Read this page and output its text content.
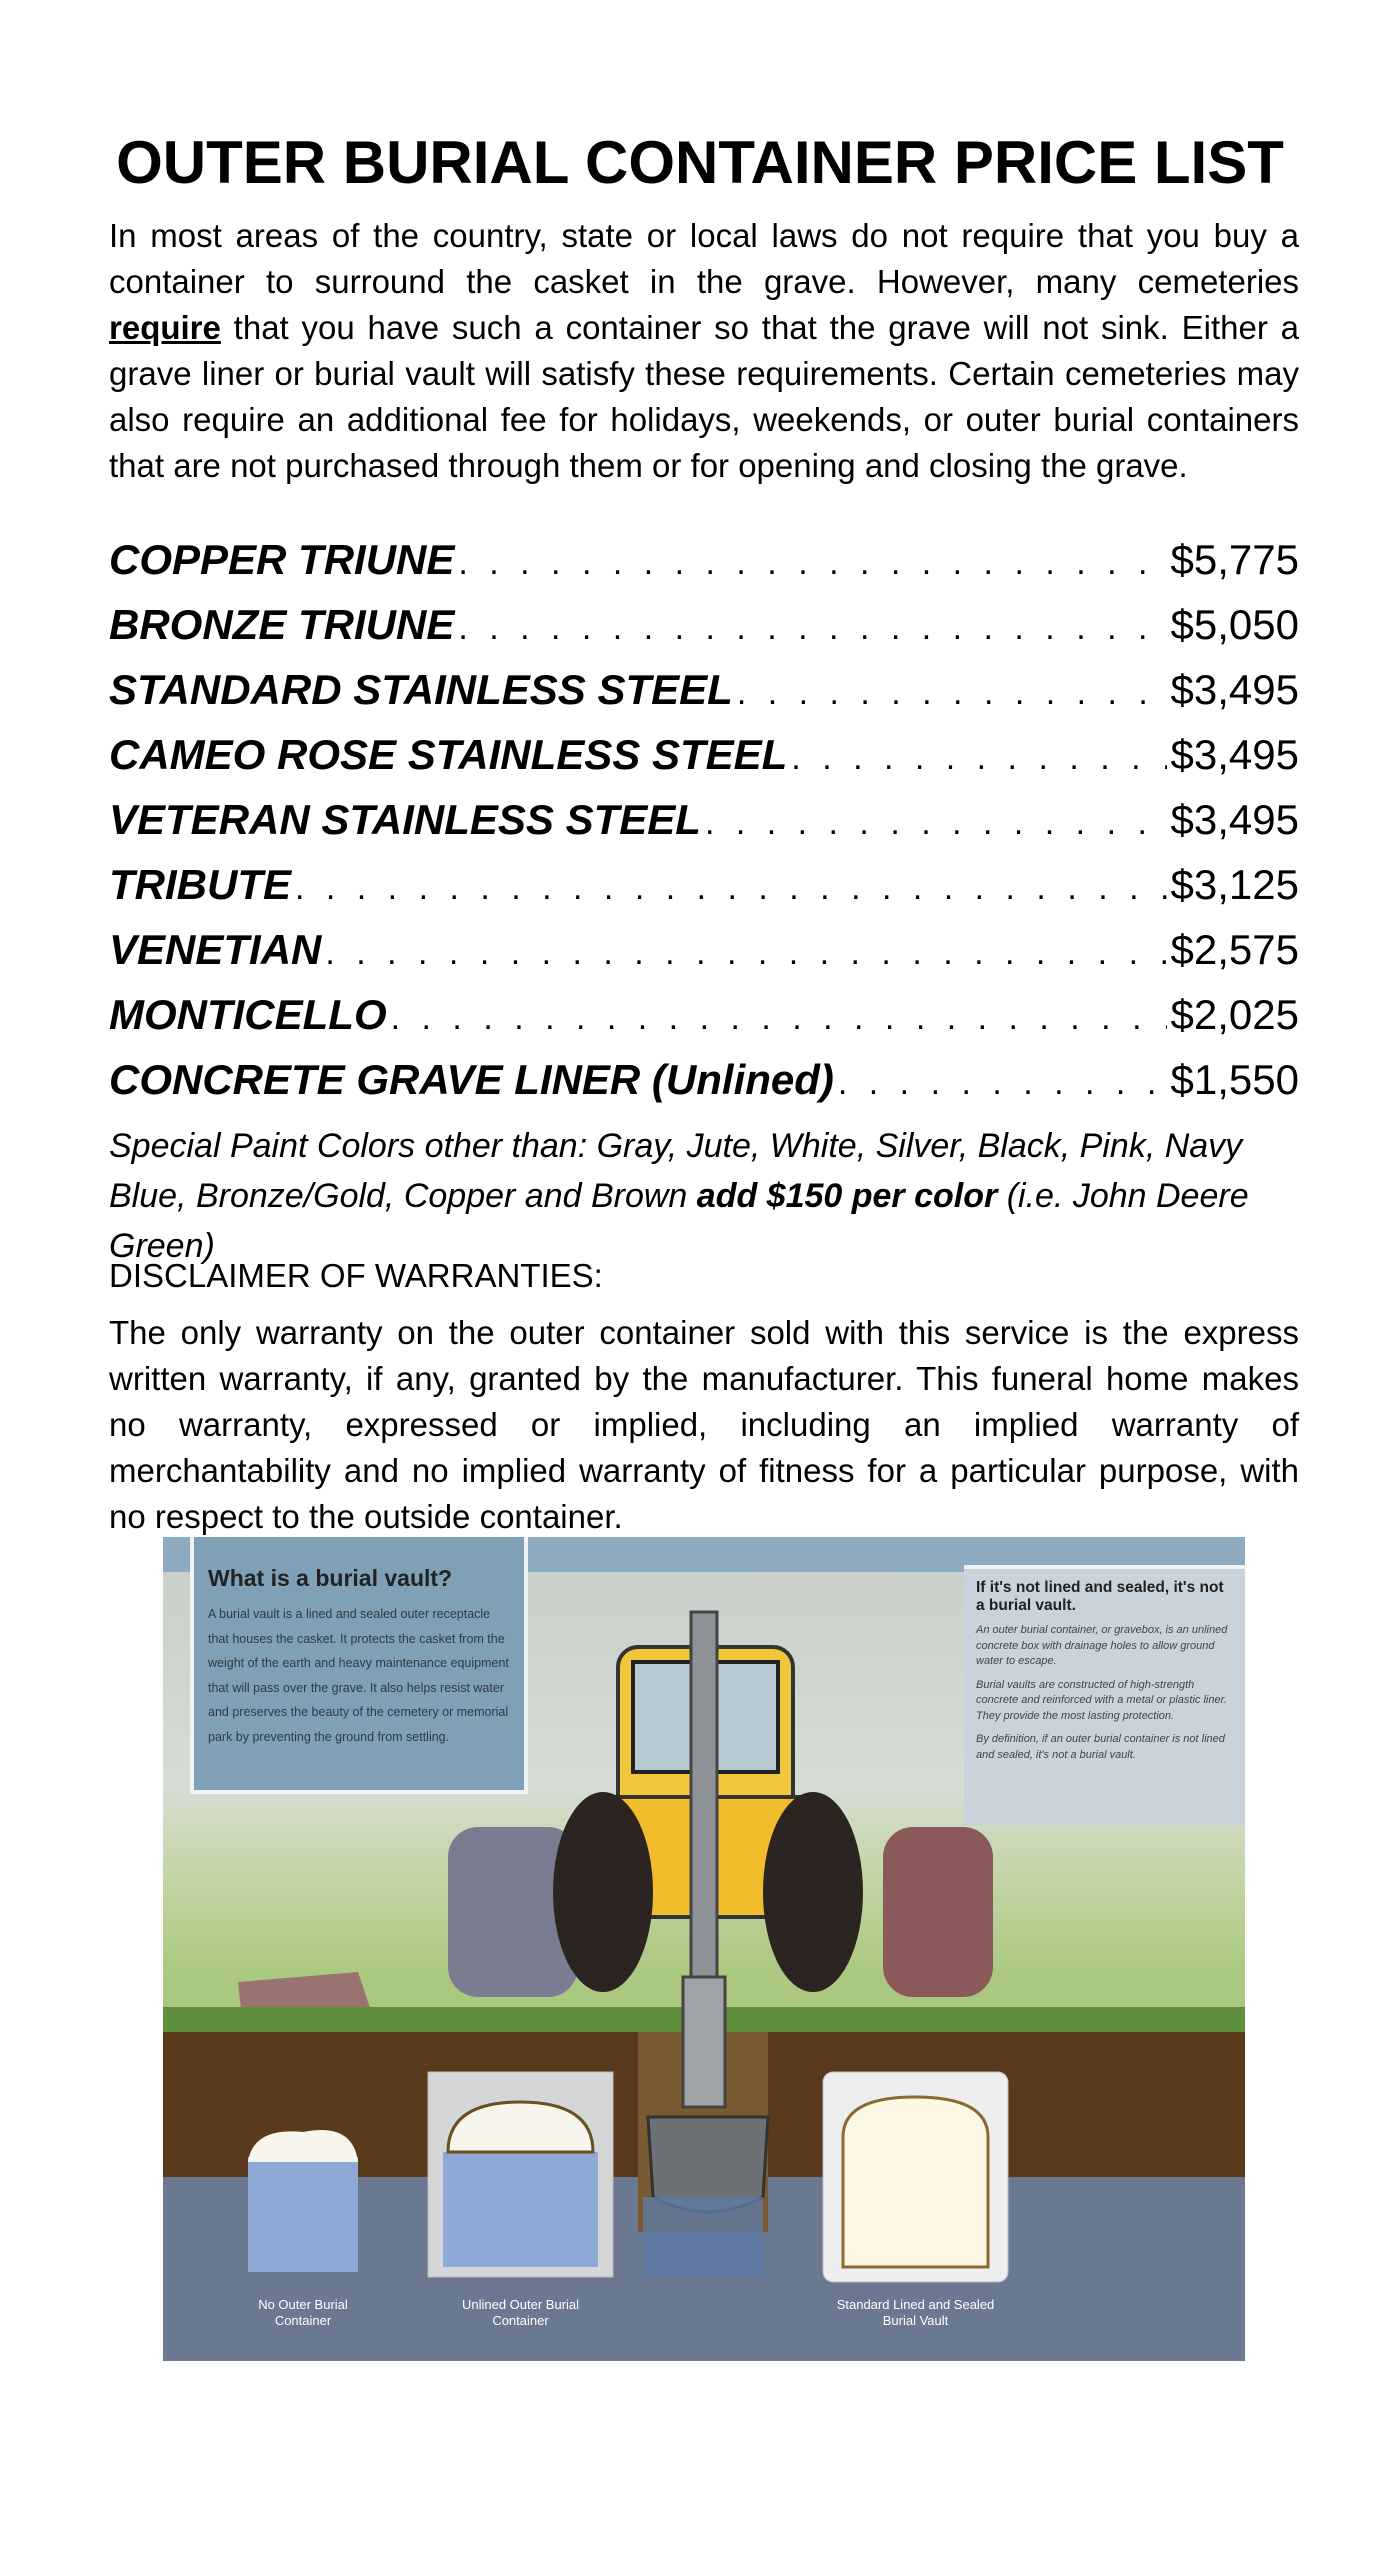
OUTER BURIAL CONTAINER PRICE LIST
In most areas of the country, state or local laws do not require that you buy a container to surround the casket in the grave. However, many cemeteries require that you have such a container so that the grave will not sink. Either a grave liner or burial vault will satisfy these requirements. Certain cemeteries may also require an additional fee for holidays, weekends, or outer burial containers that are not purchased through them or for opening and closing the grave.
COPPER TRIUNE . . .	$5,775
BRONZE TRIUNE . . .	$5,050
STANDARD STAINLESS STEEL . . .	$3,495
CAMEO ROSE STAINLESS STEEL . . .	$3,495
VETERAN STAINLESS STEEL . . .	$3,495
TRIBUTE . . .	$3,125
VENETIAN . . .	$2,575
MONTICELLO . . .	$2,025
CONCRETE GRAVE LINER (Unlined) . . .	$1,550
Special Paint Colors other than: Gray, Jute, White, Silver, Black, Pink, Navy Blue, Bronze/Gold, Copper and Brown add $150 per color (i.e. John Deere Green)
DISCLAIMER OF WARRANTIES:
The only warranty on the outer container sold with this service is the express written warranty, if any, granted by the manufacturer. This funeral home makes no warranty, expressed or implied, including an implied warranty of merchantability and no implied warranty of fitness for a particular purpose, with no respect to the outside container.
What is a burial vault?

A burial vault is a lined and sealed outer receptacle that houses the casket. It protects the casket from the weight of the earth and heavy maintenance equipment that will pass over the grave. It also helps resist water and preserves the beauty of the cemetery or memorial park by preventing the ground from settling.

If it's not lined and sealed, it's not a burial vault.

An outer burial container, or gravebox, is an unlined concrete box with drainage holes to allow ground water to escape.

Burial vaults are constructed of high-strength concrete and reinforced with a metal or plastic liner. They provide the most lasting protection.

By definition, if an outer burial container is not lined and sealed, it's not a burial vault.

No Outer Burial Container
Unlined Outer Burial Container
Standard Lined and Sealed Burial Vault
